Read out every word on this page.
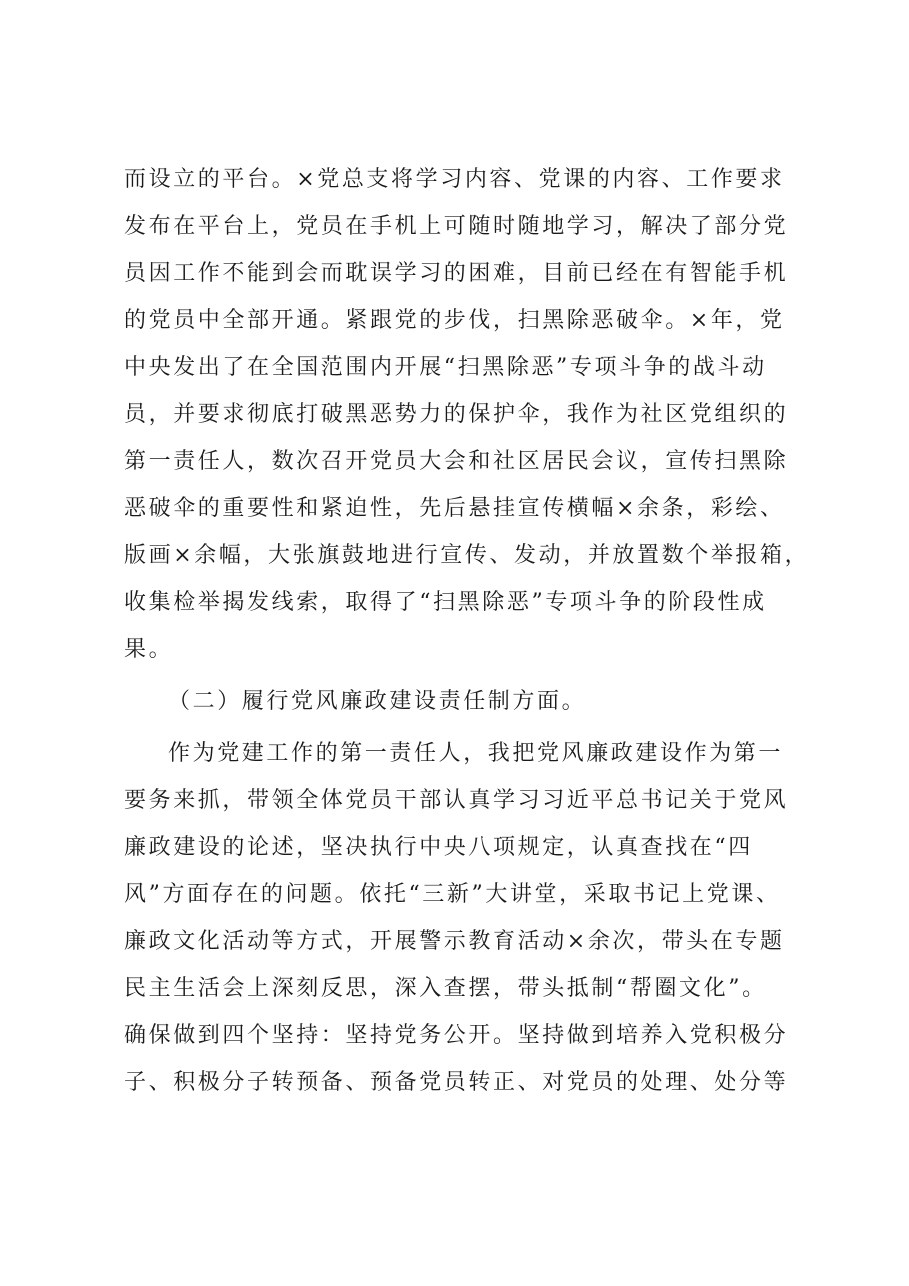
而设立的平台。×党总支将学习内容、党课的内容、工作要求
发布在平台上，党员在手机上可随时随地学习，解决了部分党
员因工作不能到会而耽误学习的困难，目前已经在有智能手机
的党员中全部开通。紧跟党的步伐，扫黑除恶破伞。×年，党
中央发出了在全国范围内开展“扫黑除恶”专项斗争的战斗动
员，并要求彻底打破黑恶势力的保护伞，我作为社区党组织的
第一责任人，数次召开党员大会和社区居民会议，宣传扫黑除
恶破伞的重要性和紧迫性，先后悬挂宣传横幅×余条，彩绘、
版画×余幅，大张旗鼓地进行宣传、发动，并放置数个举报箱，
收集检举揭发线索，取得了“扫黑除恶”专项斗争的阶段性成
果。
（二）履行党风廉政建设责任制方面。
作为党建工作的第一责任人，我把党风廉政建设作为第一
要务来抓，带领全体党员干部认真学习习近平总书记关于党风
廉政建设的论述，坚决执行中央八项规定，认真查找在“四
风”方面存在的问题。依托“三新”大讲堂，采取书记上党课、
廉政文化活动等方式，开展警示教育活动×余次，带头在专题
民主生活会上深刻反思，深入查摆，带头抵制“帮圈文化”。
确保做到四个坚持：坚持党务公开。坚持做到培养入党积极分
子、积极分子转预备、预备党员转正、对党员的处理、处分等
